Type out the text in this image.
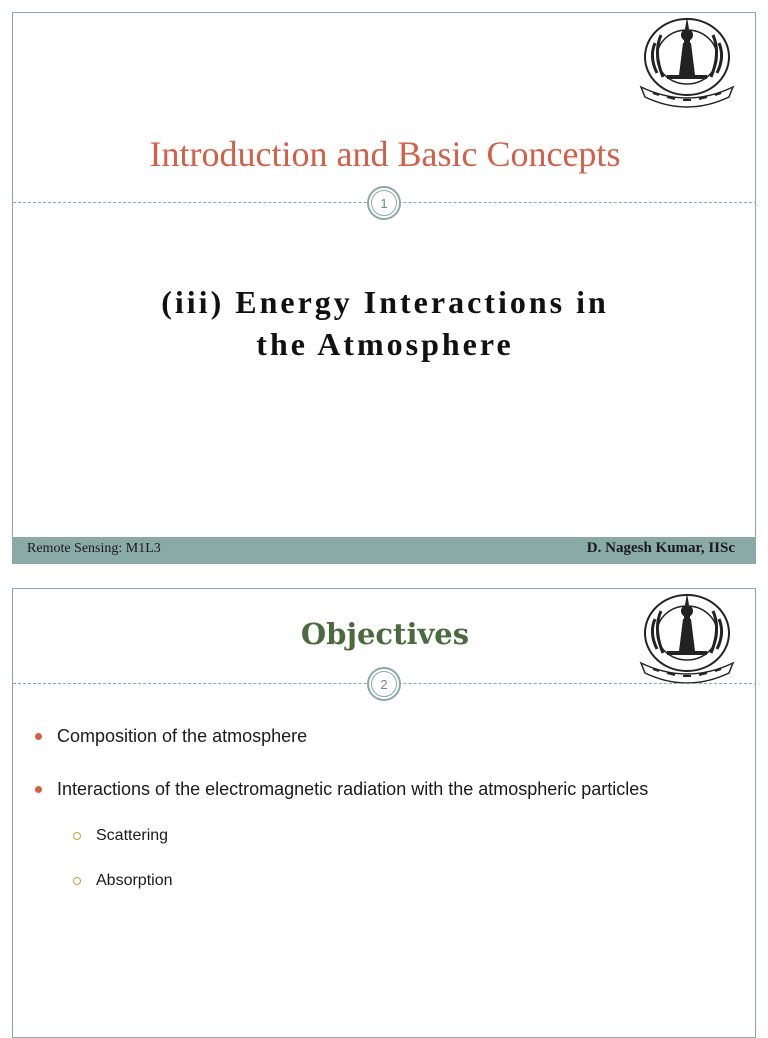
Introduction and Basic Concepts
1
(iii) Energy Interactions in
the Atmosphere
Remote Sensing: M1L3	D. Nagesh Kumar, IISc
Objectives
2
Composition of the atmosphere
Interactions of the electromagnetic radiation with the atmospheric particles
Scattering
Absorption
